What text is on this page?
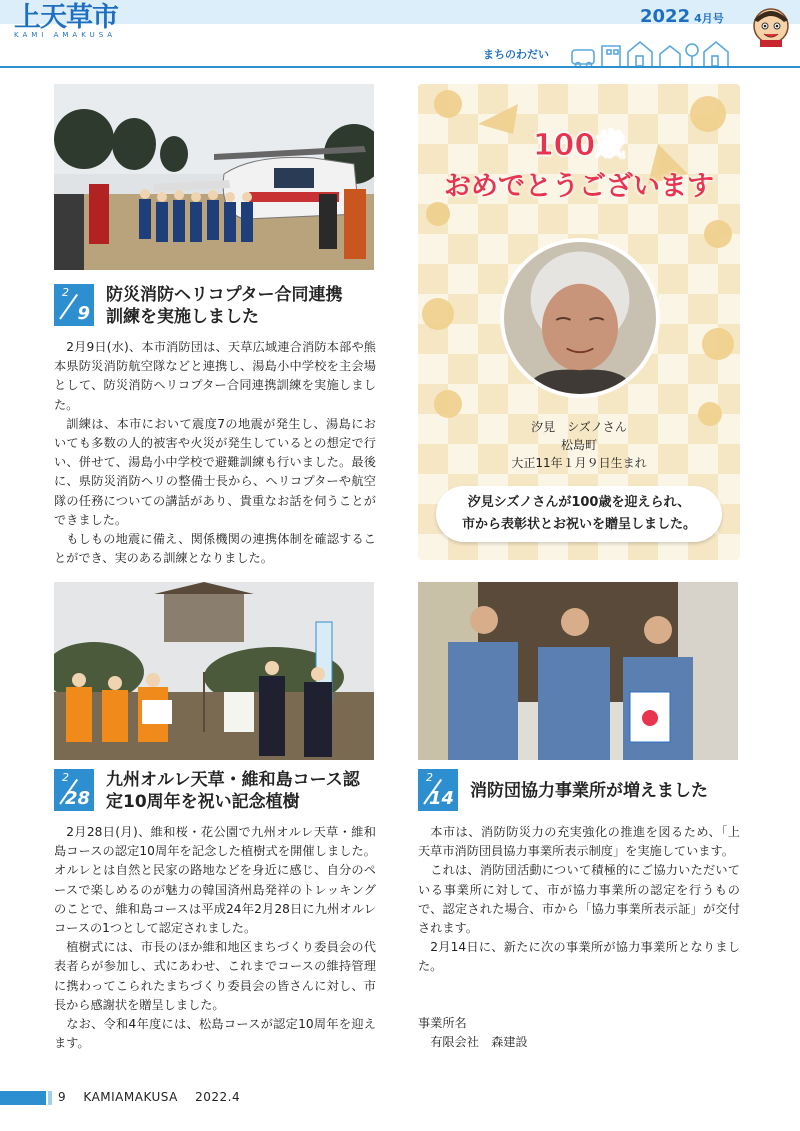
上天草市
KAMI AMAKUSA
2022 4月号
まちのわだい
2
9
防災消防ヘリコプター合同連携
訓練を実施しました

2月9日(水)、本市消防団は、天草広域連合消防本部や熊本県防災消防航空隊などと連携し、湯島小中学校を主会場として、防災消防ヘリコプター合同連携訓練を実施しました。

訓練は、本市において震度7の地震が発生し、湯島においても多数の人的被害や火災が発生しているとの想定で行い、併せて、湯島小中学校で避難訓練も行いました。最後に、県防災消防ヘリの整備士長から、ヘリコプターや航空隊の任務についての講話があり、貴重なお話を伺うことができました。

もしもの地震に備え、関係機関の連携体制を確認することができ、実のある訓練となりました。

100歳
おめでとうございます
汐見　シズノさん
松島町
大正11年１月９日生まれ
汐見シズノさんが100歳を迎えられ、
市から表彰状とお祝いを贈呈しました。
2
28
九州オルレ天草・維和島コース認
定10周年を祝い記念植樹

2月28日(月)、維和桜・花公園で九州オルレ天草・維和島コースの認定10周年を記念した植樹式を開催しました。オルレとは自然と民家の路地などを身近に感じ、自分のペースで楽しめるのが魅力の韓国済州島発祥のトレッキングのことで、維和島コースは平成24年2月28日に九州オルレコースの1つとして認定されました。

植樹式には、市長のほか維和地区まちづくり委員会の代表者らが参加し、式にあわせ、これまでコースの維持管理に携わってこられたまちづくり委員会の皆さんに対し、市長から感謝状を贈呈しました。

なお、令和4年度には、松島コースが認定10周年を迎えます。

2
14 消防団協力事業所が増えました

本市は、消防防災力の充実強化の推進を図るため、「上天草市消防団員協力事業所表示制度」を実施しています。

これは、消防団活動について積極的にご協力いただいている事業所に対して、市が協力事業所の認定を行うもので、認定された場合、市から「協力事業所表示証」が交付されます。

2月14日に、新たに次の事業所が協力事業所となりました。

事業所名
有限会社　森建設
9 KAMIAMAKUSA 2022.4
